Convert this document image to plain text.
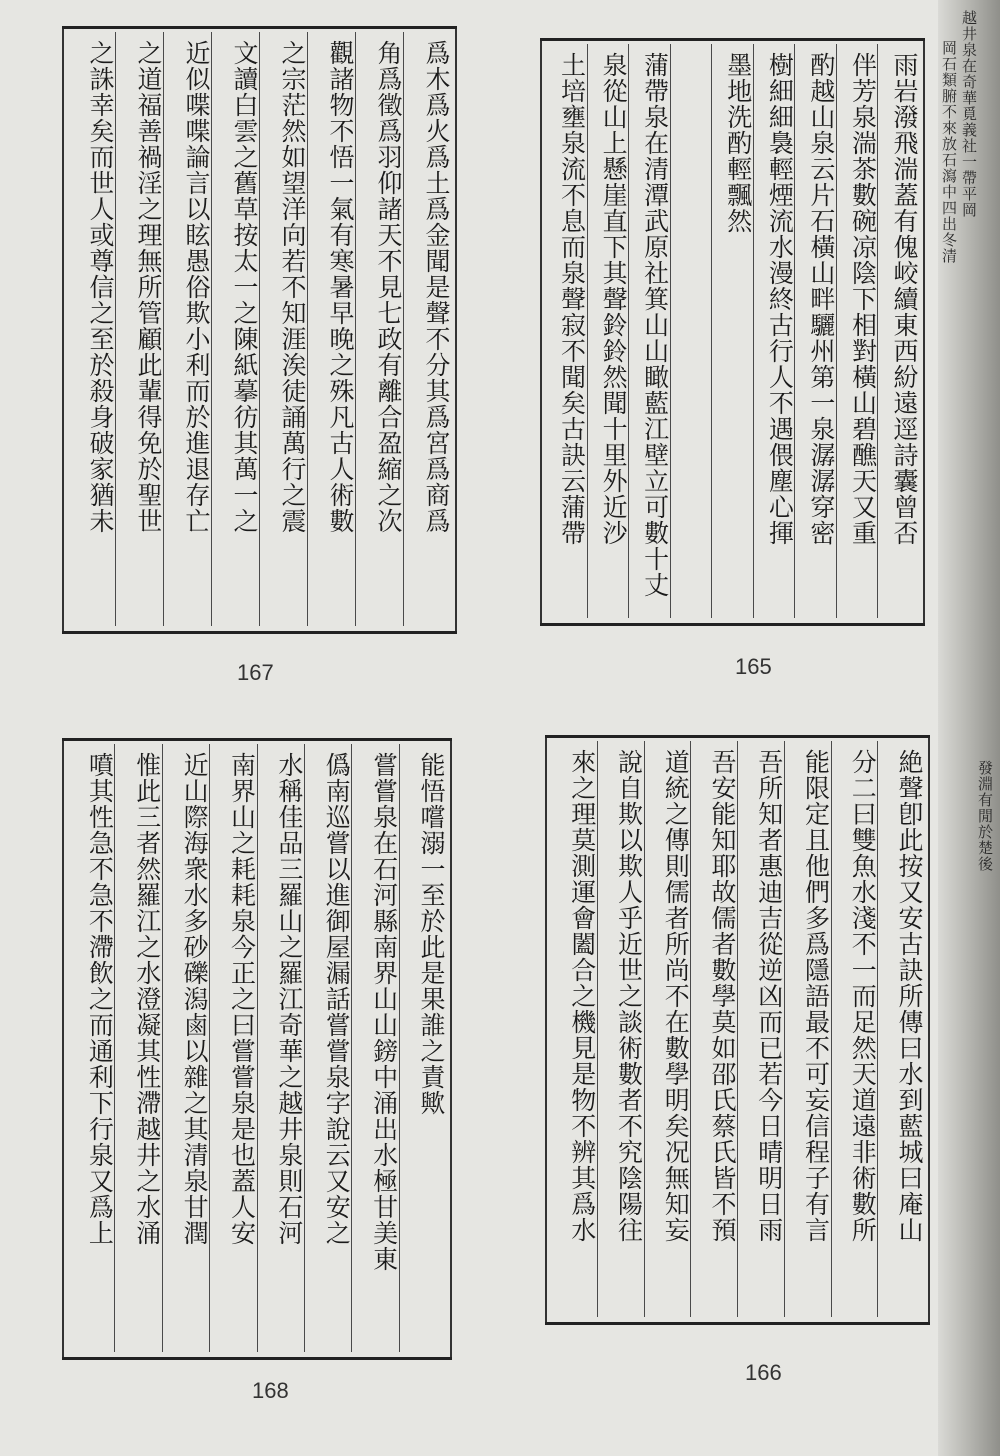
雨岩潑飛湍蓋有傀峧續東西紛遠逕詩囊曾否
伴芳泉湍茶數碗凉陰下相對橫山碧醮天又重
酌越山泉云片石橫山畔驪州第一泉潺潺穿密
樹細細裊輕煙流水漫終古行人不遇偎塵心揮
墨地洗酌輕飄然
蒲帶泉在清潭武原社箕山山瞰藍江壁立可數十丈
泉從山上懸崖直下其聲鈴鈴然聞十里外近沙
土培壅泉流不息而泉聲寂不聞矣古訣云蒲帶
165
爲木爲火爲土爲金聞是聲不分其爲宮爲商爲
角爲徵爲羽仰諸天不見七政有離合盈縮之次
觀諸物不悟一氣有寒暑早晚之殊凡古人術數
之宗茫然如望洋向若不知涯涘徒誦萬行之震
文讀白雲之舊草按太一之陳紙摹彷其萬一之
近似喋喋論言以眩愚俗欺小利而於進退存亡
之道福善禍淫之理無所管顧此輩得免於聖世
之誅幸矣而世人或尊信之至於殺身破家猶未
167
絶聲卽此按又安古訣所傳曰水到藍城曰庵山
分二曰雙魚水淺不一而足然天道遠非術數所
能限定且他們多爲隱語最不可妄信程子有言
吾所知者惠迪吉從逆凶而已若今日晴明日雨
吾安能知耶故儒者數學莫如邵氏蔡氏皆不預
道統之傳則儒者所尚不在數學明矣况無知妄
說自欺以欺人乎近世之談術數者不究陰陽往
來之理莫測運會闔合之機見是物不辨其爲水
166
能悟嚐溺一至於此是果誰之責歟
嘗嘗泉在石河縣南界山山鎊中涌出水極甘美東
僞南巡嘗以進御屋漏話嘗嘗泉字說云又安之
水稱佳品三羅山之羅江奇華之越井泉則石河
南界山之耗耗泉今正之曰嘗嘗泉是也蓋人安
近山際海衆水多砂礫潟鹵以雜之其清泉甘潤
惟此三者然羅江之水澄凝其性滯越井之水涌
噴其性急不急不滯飲之而通利下行泉又爲上
168
越井泉在奇華覓義社一帶平岡
岡石類腑不來放石瀉中四出冬清
發淵有閒於楚後
